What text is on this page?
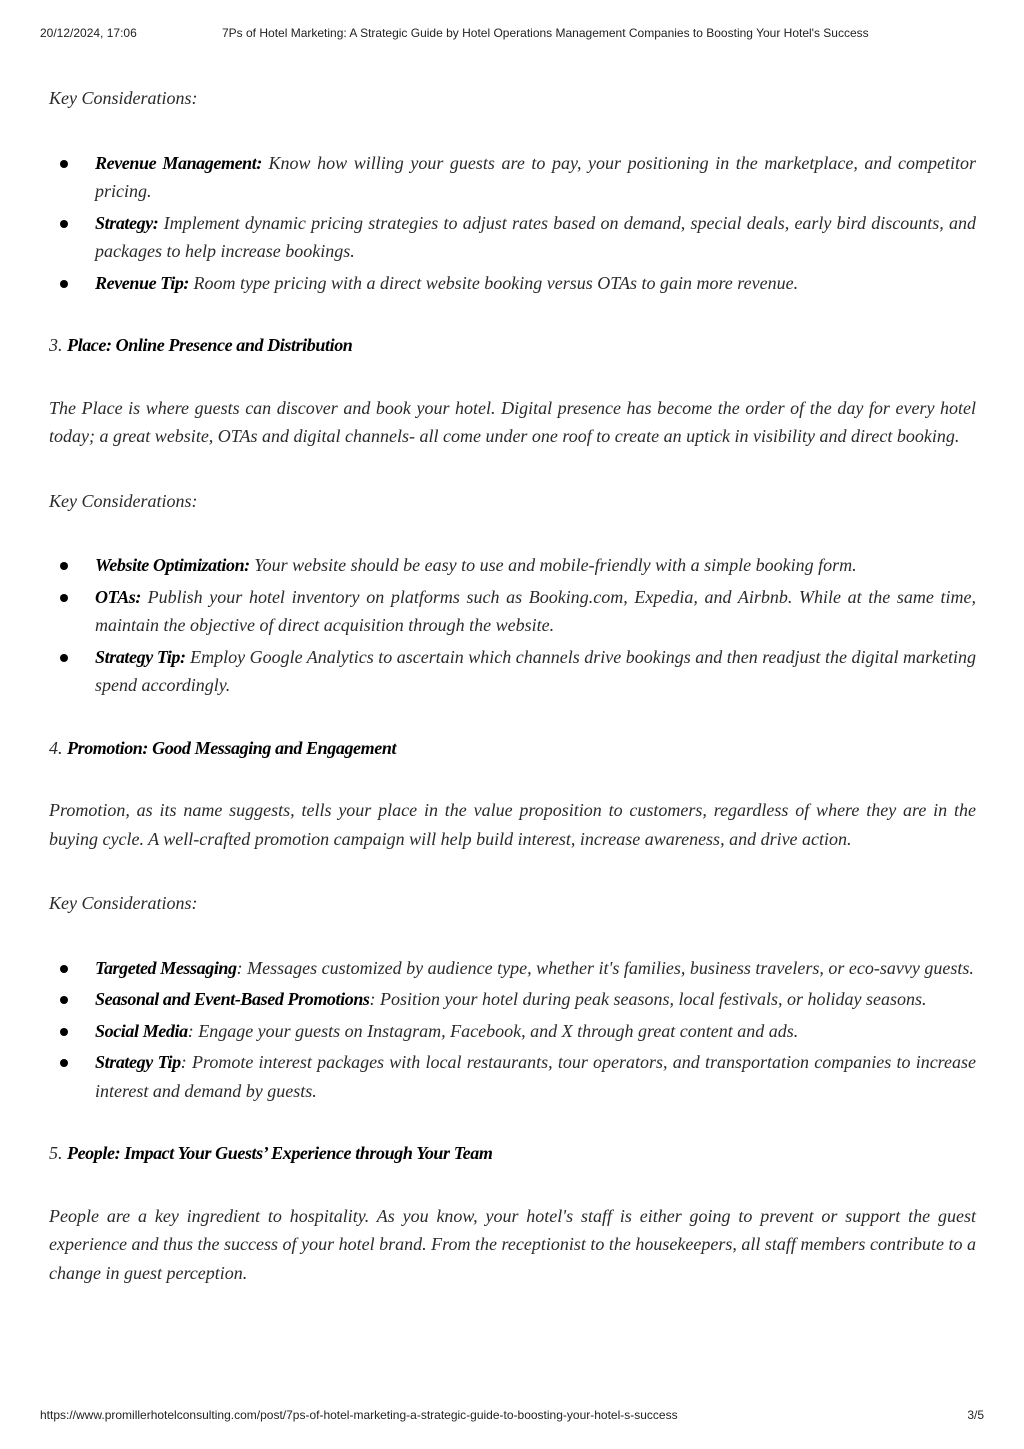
20/12/2024, 17:06	7Ps of Hotel Marketing: A Strategic Guide by Hotel Operations Management Companies to Boosting Your Hotel's Success

Key Considerations:

Revenue Management: Know how willing your guests are to pay, your positioning in the marketplace, and competitor pricing.
Strategy: Implement dynamic pricing strategies to adjust rates based on demand, special deals, early bird discounts, and packages to help increase bookings.
Revenue Tip: Room type pricing with a direct website booking versus OTAs to gain more revenue.

3. Place: Online Presence and Distribution

The Place is where guests can discover and book your hotel. Digital presence has become the order of the day for every hotel today; a great website, OTAs and digital channels- all come under one roof to create an uptick in visibility and direct booking.

Key Considerations:

Website Optimization: Your website should be easy to use and mobile-friendly with a simple booking form.
OTAs: Publish your hotel inventory on platforms such as Booking.com, Expedia, and Airbnb. While at the same time, maintain the objective of direct acquisition through the website.
Strategy Tip: Employ Google Analytics to ascertain which channels drive bookings and then readjust the digital marketing spend accordingly.

4. Promotion: Good Messaging and Engagement

Promotion, as its name suggests, tells your place in the value proposition to customers, regardless of where they are in the buying cycle. A well-crafted promotion campaign will help build interest, increase awareness, and drive action.

Key Considerations:

Targeted Messaging: Messages customized by audience type, whether it's families, business travelers, or eco-savvy guests.
Seasonal and Event-Based Promotions: Position your hotel during peak seasons, local festivals, or holiday seasons.
Social Media: Engage your guests on Instagram, Facebook, and X through great content and ads.
Strategy Tip: Promote interest packages with local restaurants, tour operators, and transportation companies to increase interest and demand by guests.

5. People: Impact Your Guests’ Experience through Your Team

People are a key ingredient to hospitality. As you know, your hotel's staff is either going to prevent or support the guest experience and thus the success of your hotel brand. From the receptionist to the housekeepers, all staff members contribute to a change in guest perception.

https://www.promillerhotelconsulting.com/post/7ps-of-hotel-marketing-a-strategic-guide-to-boosting-your-hotel-s-success	3/5
